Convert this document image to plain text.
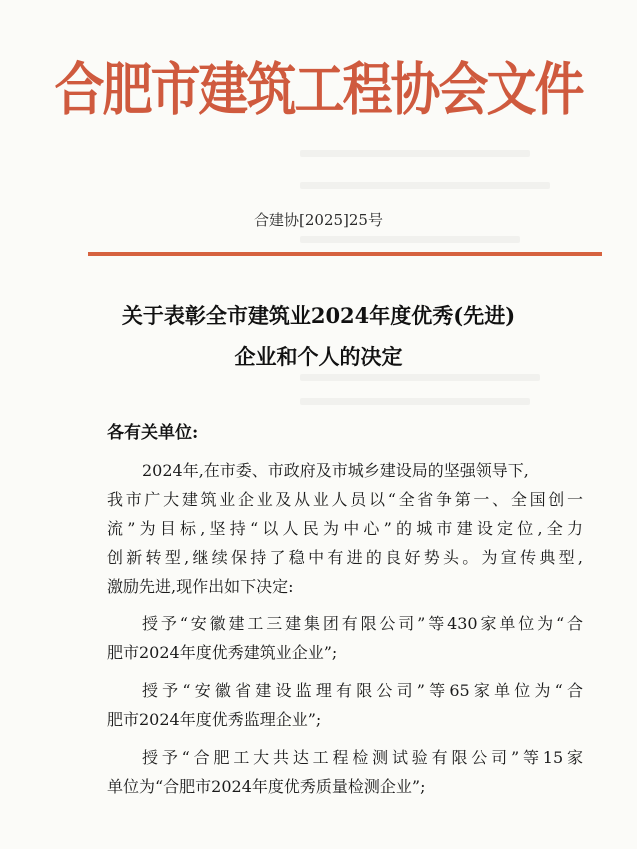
合肥市建筑工程协会文件
合建协[2025]25号
关于表彰全市建筑业2024年度优秀(先进)
企业和个人的决定
各有关单位:
2024年,在市委、市政府及市城乡建设局的坚强领导下,
我市广大建筑业企业及从业人员以“全省争第一、全国创一
流”为目标,坚持“以人民为中心”的城市建设定位,全力
创新转型,继续保持了稳中有进的良好势头。为宣传典型,
激励先进,现作出如下决定:
授予“安徽建工三建集团有限公司”等430家单位为“合
肥市2024年度优秀建筑业企业”;
授予“安徽省建设监理有限公司”等65家单位为“合
肥市2024年度优秀监理企业”;
授予“合肥工大共达工程检测试验有限公司”等15家
单位为“合肥市2024年度优秀质量检测企业”;
